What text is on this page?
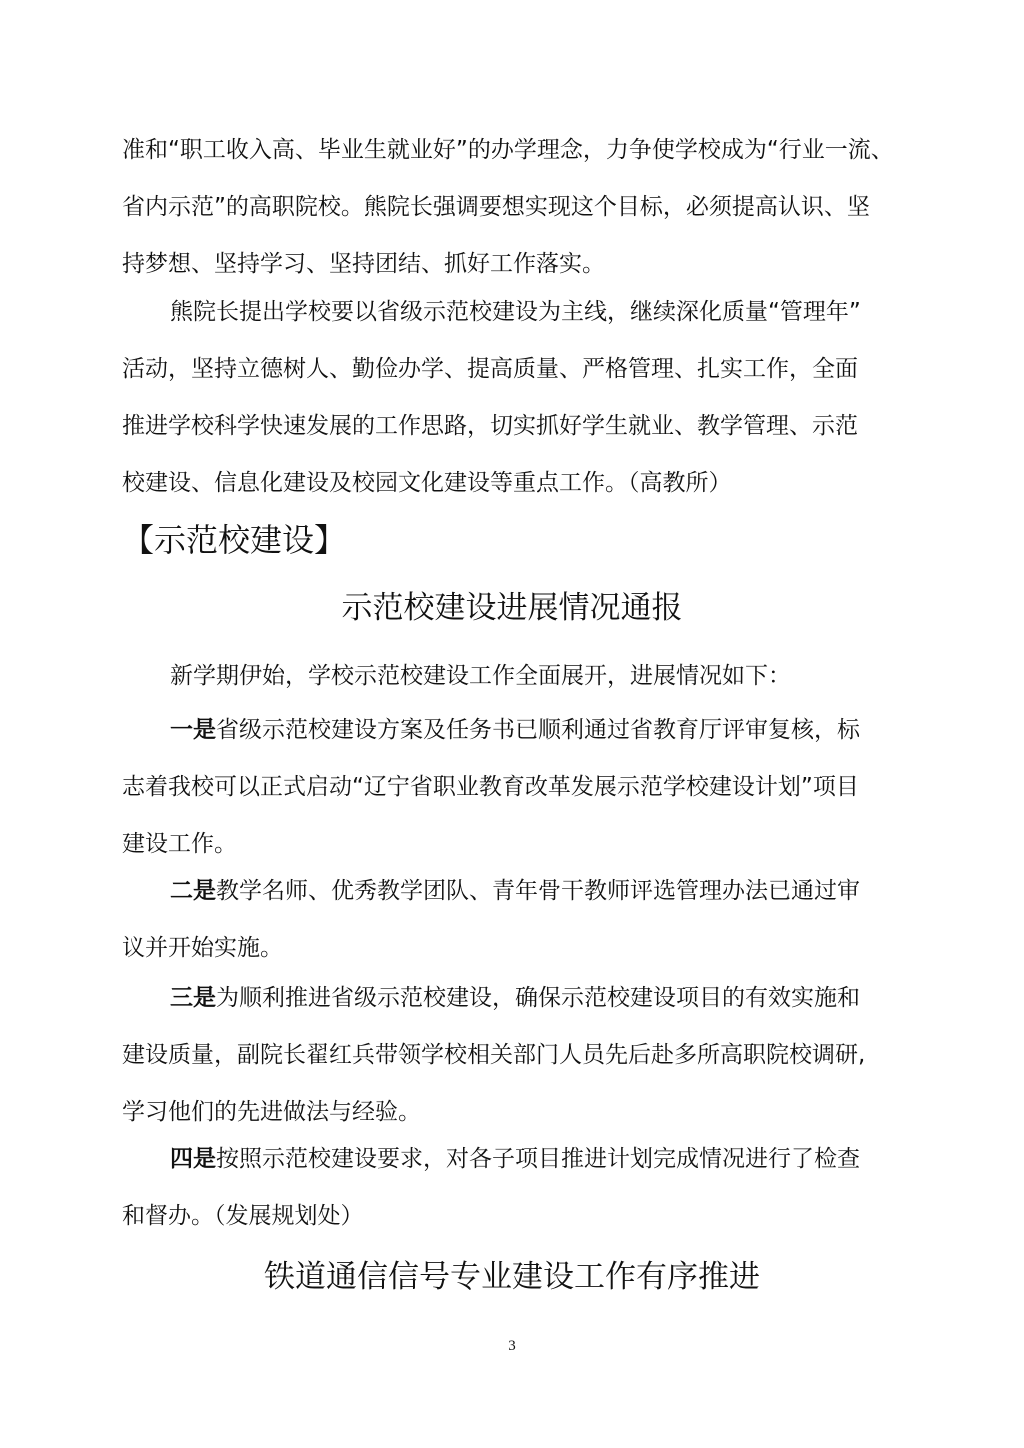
准和“职工收入高、毕业生就业好”的办学理念，力争使学校成为“行业一流、
省内示范”的高职院校。熊院长强调要想实现这个目标，必须提高认识、坚
持梦想、坚持学习、坚持团结、抓好工作落实。
熊院长提出学校要以省级示范校建设为主线，继续深化质量“管理年”
活动，坚持立德树人、勤俭办学、提高质量、严格管理、扎实工作，全面
推进学校科学快速发展的工作思路，切实抓好学生就业、教学管理、示范
校建设、信息化建设及校园文化建设等重点工作。（高教所）
【示范校建设】
示范校建设进展情况通报
新学期伊始，学校示范校建设工作全面展开，进展情况如下：
一是省级示范校建设方案及任务书已顺利通过省教育厅评审复核，标
志着我校可以正式启动“辽宁省职业教育改革发展示范学校建设计划”项目
建设工作。
二是教学名师、优秀教学团队、青年骨干教师评选管理办法已通过审
议并开始实施。
三是为顺利推进省级示范校建设，确保示范校建设项目的有效实施和
建设质量，副院长翟红兵带领学校相关部门人员先后赴多所高职院校调研,
学习他们的先进做法与经验。
四是按照示范校建设要求，对各子项目推进计划完成情况进行了检查
和督办。（发展规划处）
铁道通信信号专业建设工作有序推进
3
